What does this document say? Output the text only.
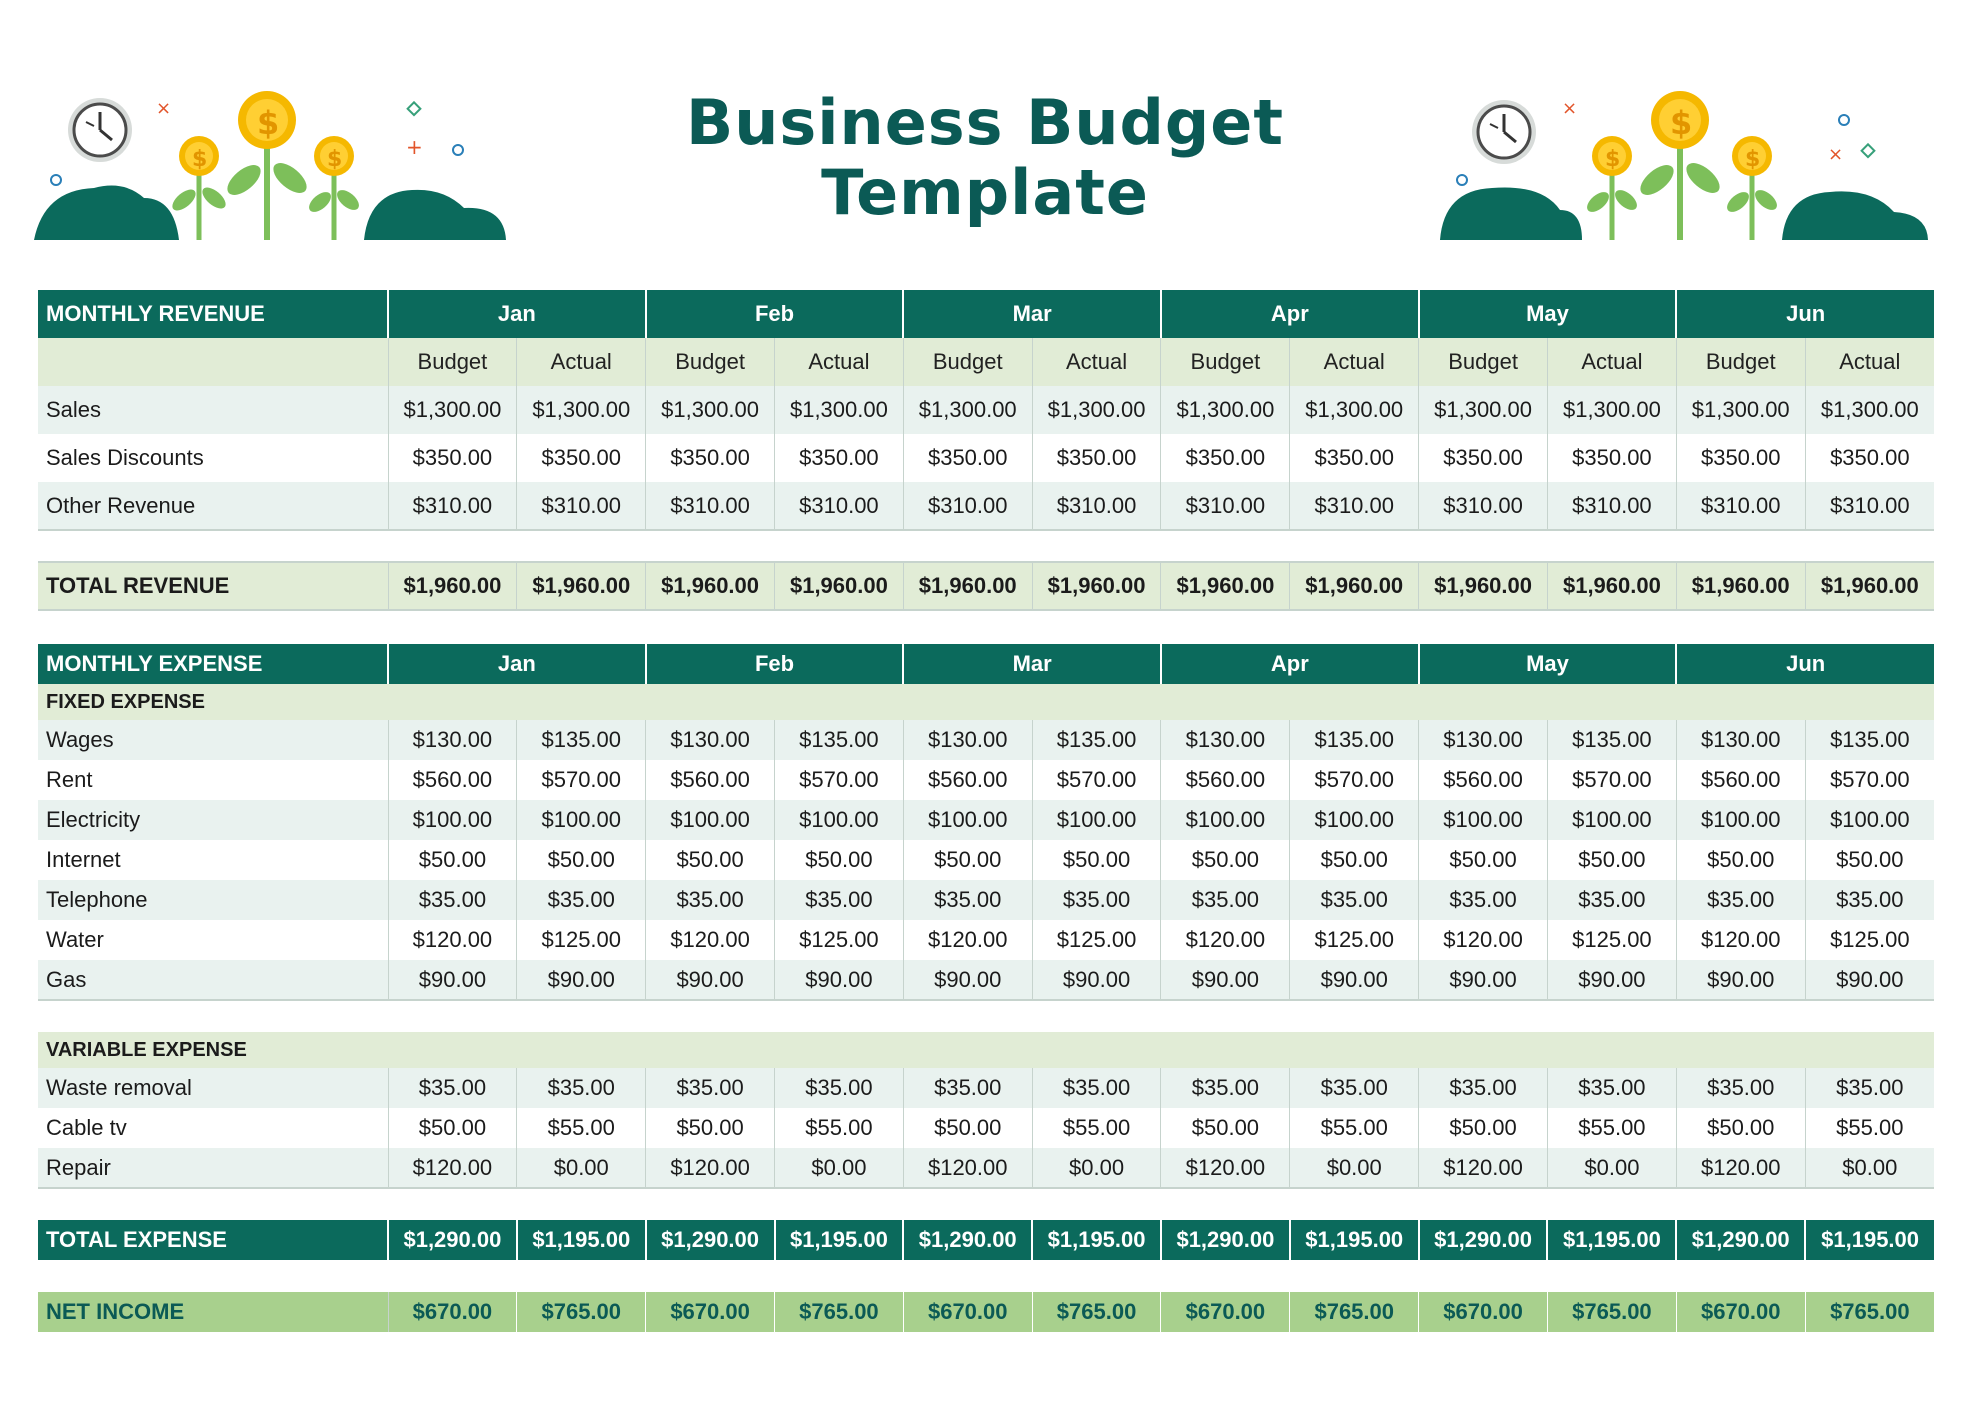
Business Budget
Template
×
+
$
$
$
×
×
$
$
$
MONTHLY REVENUE	Jan		Feb		Mar		Apr		May		Jun	
	Budget	Actual	Budget	Actual	Budget	Actual	Budget	Actual	Budget	Actual	Budget	Actual
Sales	$1,300.00	$1,300.00	$1,300.00	$1,300.00	$1,300.00	$1,300.00	$1,300.00	$1,300.00	$1,300.00	$1,300.00	$1,300.00	$1,300.00
Sales Discounts	$350.00	$350.00	$350.00	$350.00	$350.00	$350.00	$350.00	$350.00	$350.00	$350.00	$350.00	$350.00
Other Revenue	$310.00	$310.00	$310.00	$310.00	$310.00	$310.00	$310.00	$310.00	$310.00	$310.00	$310.00	$310.00

TOTAL REVENUE	$1,960.00	$1,960.00	$1,960.00	$1,960.00	$1,960.00	$1,960.00	$1,960.00	$1,960.00	$1,960.00	$1,960.00	$1,960.00	$1,960.00
MONTHLY EXPENSE	Jan		Feb		Mar		Apr		May		Jun	
FIXED EXPENSE												
Wages	$130.00	$135.00	$130.00	$135.00	$130.00	$135.00	$130.00	$135.00	$130.00	$135.00	$130.00	$135.00
Rent	$560.00	$570.00	$560.00	$570.00	$560.00	$570.00	$560.00	$570.00	$560.00	$570.00	$560.00	$570.00
Electricity	$100.00	$100.00	$100.00	$100.00	$100.00	$100.00	$100.00	$100.00	$100.00	$100.00	$100.00	$100.00
Internet	$50.00	$50.00	$50.00	$50.00	$50.00	$50.00	$50.00	$50.00	$50.00	$50.00	$50.00	$50.00
Telephone	$35.00	$35.00	$35.00	$35.00	$35.00	$35.00	$35.00	$35.00	$35.00	$35.00	$35.00	$35.00
Water	$120.00	$125.00	$120.00	$125.00	$120.00	$125.00	$120.00	$125.00	$120.00	$125.00	$120.00	$125.00
Gas	$90.00	$90.00	$90.00	$90.00	$90.00	$90.00	$90.00	$90.00	$90.00	$90.00	$90.00	$90.00

VARIABLE EXPENSE												
Waste removal	$35.00	$35.00	$35.00	$35.00	$35.00	$35.00	$35.00	$35.00	$35.00	$35.00	$35.00	$35.00
Cable tv	$50.00	$55.00	$50.00	$55.00	$50.00	$55.00	$50.00	$55.00	$50.00	$55.00	$50.00	$55.00
Repair	$120.00	$0.00	$120.00	$0.00	$120.00	$0.00	$120.00	$0.00	$120.00	$0.00	$120.00	$0.00

TOTAL EXPENSE	$1,290.00	$1,195.00	$1,290.00	$1,195.00	$1,290.00	$1,195.00	$1,290.00	$1,195.00	$1,290.00	$1,195.00	$1,290.00	$1,195.00

NET INCOME	$670.00	$765.00	$670.00	$765.00	$670.00	$765.00	$670.00	$765.00	$670.00	$765.00	$670.00	$765.00
